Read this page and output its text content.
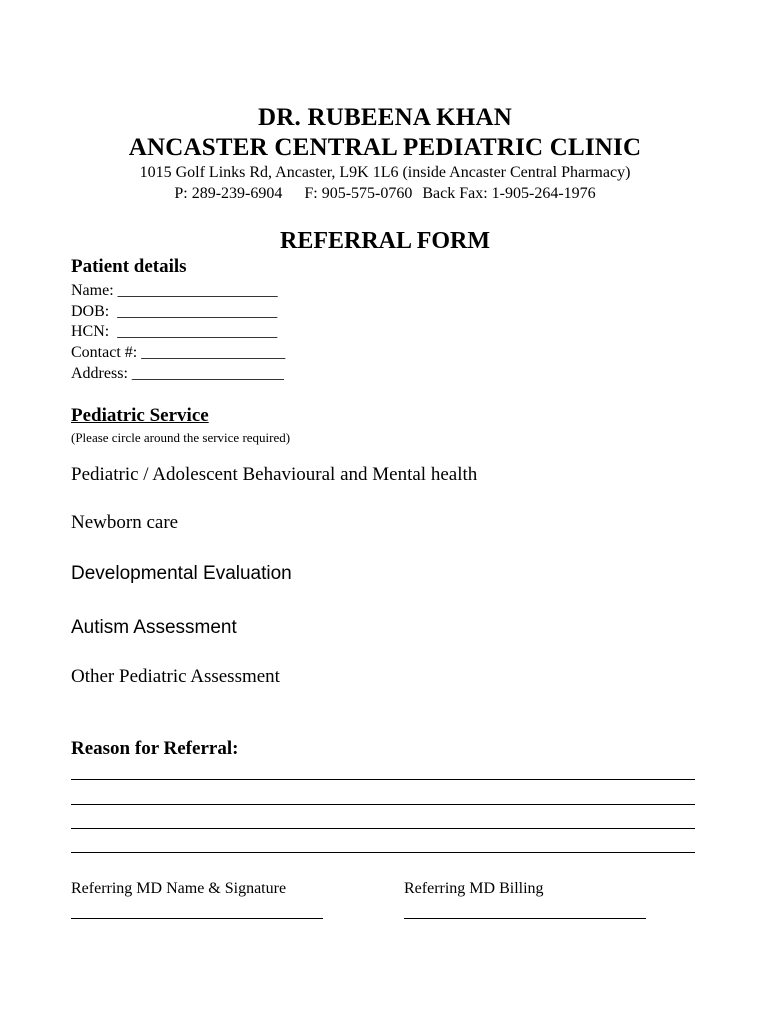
DR. RUBEENA KHAN
ANCASTER CENTRAL PEDIATRIC CLINIC
1015 Golf Links Rd, Ancaster, L9K 1L6 (inside Ancaster Central Pharmacy)
P: 289-239-6904 F: 905-575-0760 Back Fax: 1-905-264-1976
REFERRAL FORM
Patient details
Name: ____________________
DOB:  ____________________
HCN:  ____________________
Contact #: __________________
Address: ___________________
Pediatric Service
(Please circle around the service required)
Pediatric / Adolescent Behavioural and Mental health
Newborn care
Developmental Evaluation
Autism Assessment
Other Pediatric Assessment
Reason for Referral:
Referring MD Name & Signature	Referring MD Billing
